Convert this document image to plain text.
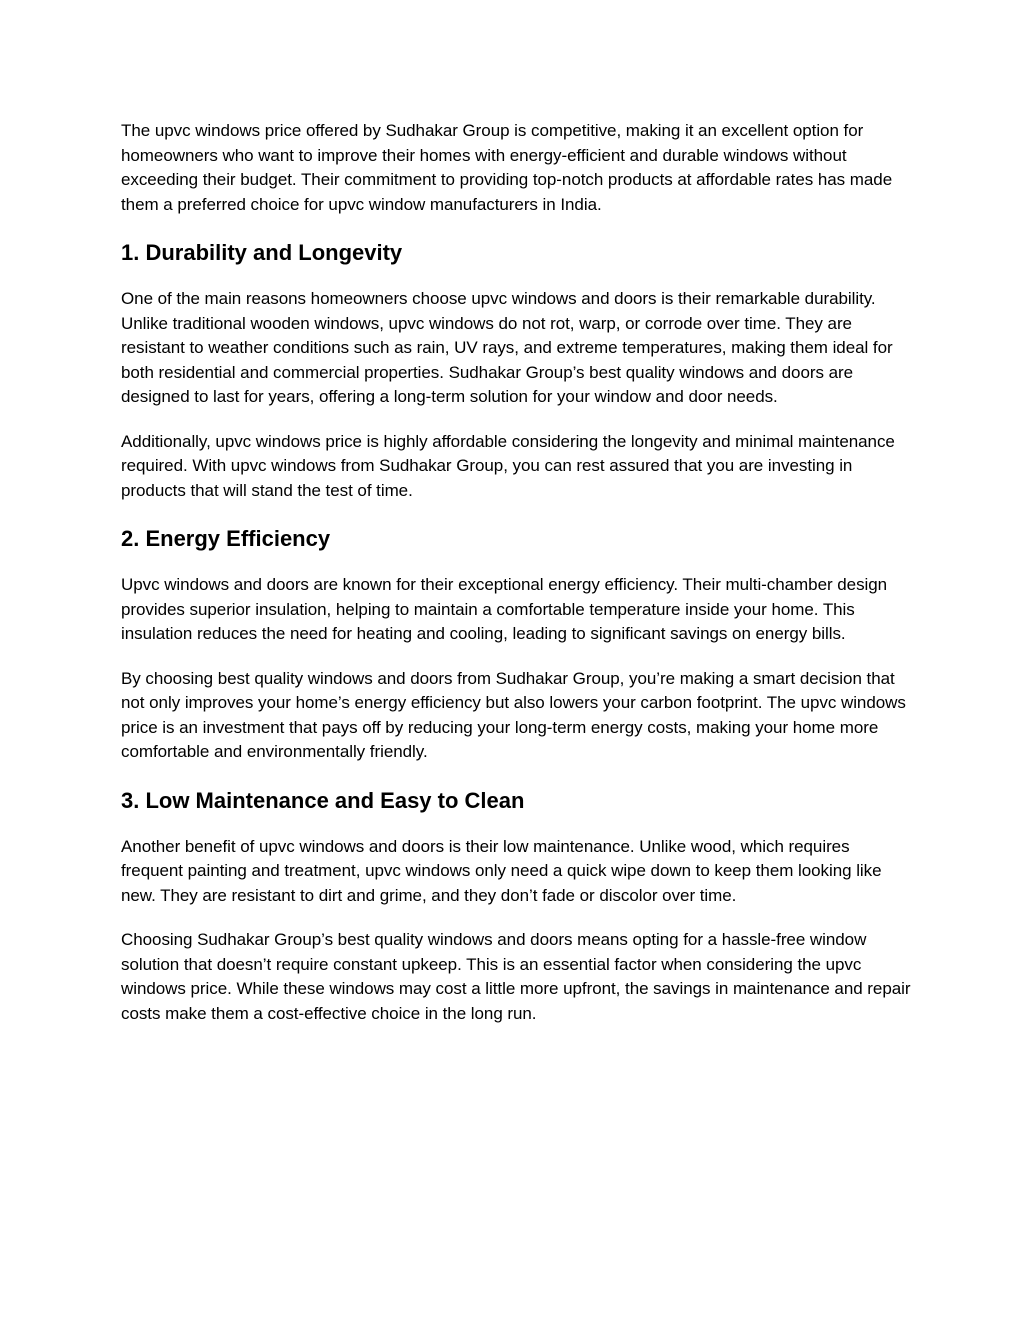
The upvc windows price offered by Sudhakar Group is competitive, making it an excellent option for homeowners who want to improve their homes with energy-efficient and durable windows without exceeding their budget. Their commitment to providing top-notch products at affordable rates has made them a preferred choice for upvc window manufacturers in India.

1. Durability and Longevity

One of the main reasons homeowners choose upvc windows and doors is their remarkable durability. Unlike traditional wooden windows, upvc windows do not rot, warp, or corrode over time. They are resistant to weather conditions such as rain, UV rays, and extreme temperatures, making them ideal for both residential and commercial properties. Sudhakar Group’s best quality windows and doors are designed to last for years, offering a long-term solution for your window and door needs.

Additionally, upvc windows price is highly affordable considering the longevity and minimal maintenance required. With upvc windows from Sudhakar Group, you can rest assured that you are investing in products that will stand the test of time.

2. Energy Efficiency

Upvc windows and doors are known for their exceptional energy efficiency. Their multi-chamber design provides superior insulation, helping to maintain a comfortable temperature inside your home. This insulation reduces the need for heating and cooling, leading to significant savings on energy bills.

By choosing best quality windows and doors from Sudhakar Group, you’re making a smart decision that not only improves your home’s energy efficiency but also lowers your carbon footprint. The upvc windows price is an investment that pays off by reducing your long-term energy costs, making your home more comfortable and environmentally friendly.

3. Low Maintenance and Easy to Clean

Another benefit of upvc windows and doors is their low maintenance. Unlike wood, which requires frequent painting and treatment, upvc windows only need a quick wipe down to keep them looking like new. They are resistant to dirt and grime, and they don’t fade or discolor over time.

Choosing Sudhakar Group’s best quality windows and doors means opting for a hassle-free window solution that doesn’t require constant upkeep. This is an essential factor when considering the upvc windows price. While these windows may cost a little more upfront, the savings in maintenance and repair costs make them a cost-effective choice in the long run.
